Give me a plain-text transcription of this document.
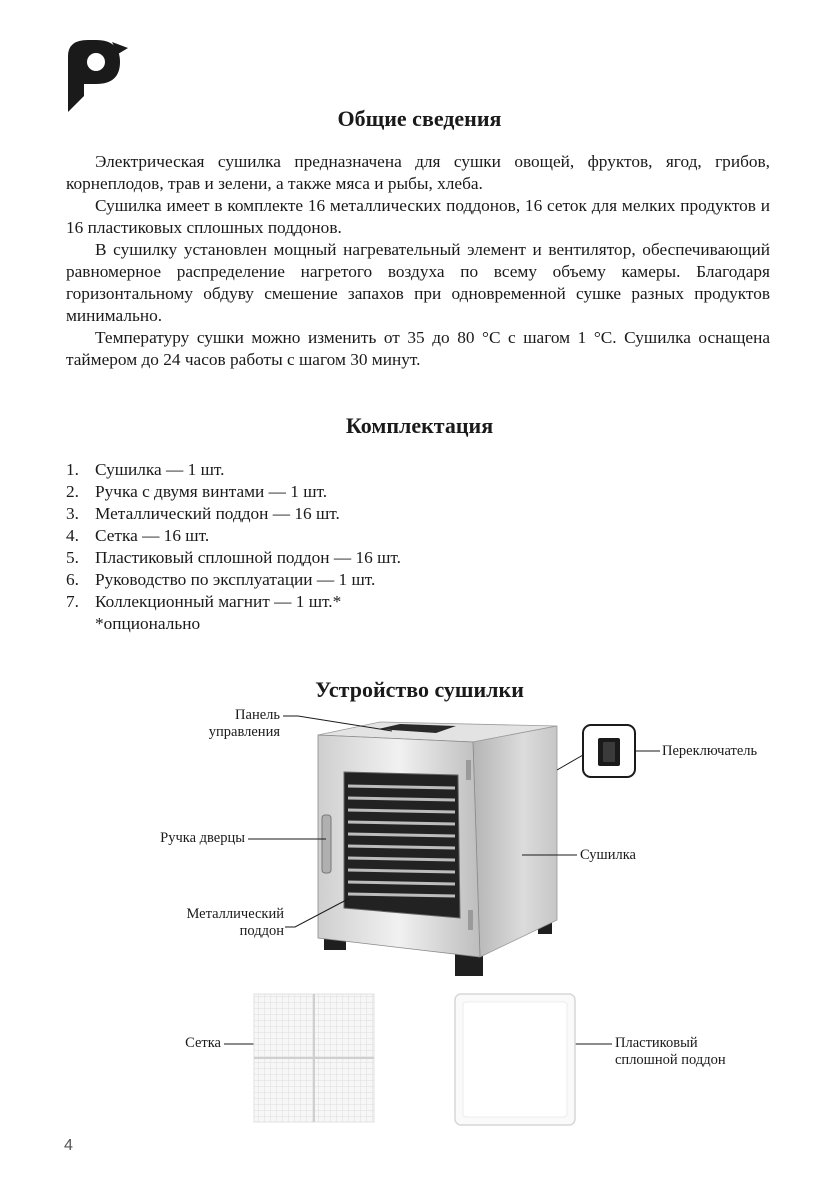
Общие сведения

Электрическая сушилка предназначена для сушки овощей, фруктов, ягод, грибов, корнеплодов, трав и зелени, а также мяса и рыбы, хлеба.

Сушилка имеет в комплекте 16 металлических поддонов, 16 сеток для мелких продуктов и 16 пластиковых сплошных поддонов.

В сушилку установлен мощный нагревательный элемент и вентилятор, обеспечивающий равномерное распределение нагретого воздуха по всему объему камеры. Благодаря горизонтальному обдуву смешение запахов при одновременной сушке разных продуктов минимально.

Температуру сушки можно изменить от 35 до 80 °С с шагом 1 °С. Сушилка оснащена таймером до 24 часов работы с шагом 30 минут.

Комплектация
1. Сушилка — 1 шт.
2. Ручка с двумя винтами — 1 шт.
3. Металлический поддон — 16 шт.
4. Сетка — 16 шт.
5. Пластиковый сплошной поддон — 16 шт.
6. Руководство по эксплуатации — 1 шт.
7. Коллекционный магнит — 1 шт.*
*опционально
Устройство сушилки
Панель
управления
Переключатель
Ручка дверцы
Сушилка
Металлический
поддон
Сетка	Пластиковый
сплошной поддон
4
